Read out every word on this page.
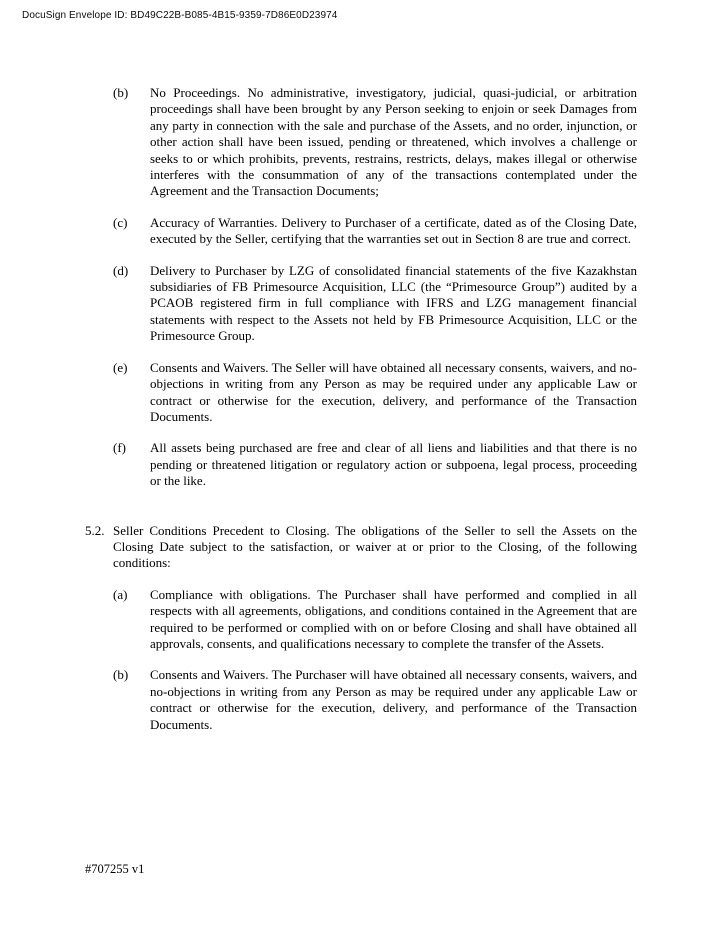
DocuSign Envelope ID: BD49C22B-B085-4B15-9359-7D86E0D23974
(b)	No Proceedings. No administrative, investigatory, judicial, quasi-judicial, or arbitration proceedings shall have been brought by any Person seeking to enjoin or seek Damages from any party in connection with the sale and purchase of the Assets, and no order, injunction, or other action shall have been issued, pending or threatened, which involves a challenge or seeks to or which prohibits, prevents, restrains, restricts, delays, makes illegal or otherwise interferes with the consummation of any of the transactions contemplated under the Agreement and the Transaction Documents;
(c)	Accuracy of Warranties. Delivery to Purchaser of a certificate, dated as of the Closing Date, executed by the Seller, certifying that the warranties set out in Section 8 are true and correct.
(d)	Delivery to Purchaser by LZG of consolidated financial statements of the five Kazakhstan subsidiaries of FB Primesource Acquisition, LLC (the “Primesource Group”) audited by a PCAOB registered firm in full compliance with IFRS and LZG management financial statements with respect to the Assets not held by FB Primesource Acquisition, LLC or the Primesource Group.
(e)	Consents and Waivers. The Seller will have obtained all necessary consents, waivers, and no-objections in writing from any Person as may be required under any applicable Law or contract or otherwise for the execution, delivery, and performance of the Transaction Documents.
(f)	All assets being purchased are free and clear of all liens and liabilities and that there is no pending or threatened litigation or regulatory action or subpoena, legal process, proceeding or the like.
5.2. Seller Conditions Precedent to Closing. The obligations of the Seller to sell the Assets on the Closing Date subject to the satisfaction, or waiver at or prior to the Closing, of the following conditions:
(a)	Compliance with obligations. The Purchaser shall have performed and complied in all respects with all agreements, obligations, and conditions contained in the Agreement that are required to be performed or complied with on or before Closing and shall have obtained all approvals, consents, and qualifications necessary to complete the transfer of the Assets.
(b)	Consents and Waivers. The Purchaser will have obtained all necessary consents, waivers, and no-objections in writing from any Person as may be required under any applicable Law or contract or otherwise for the execution, delivery, and performance of the Transaction Documents.
#707255 v1
